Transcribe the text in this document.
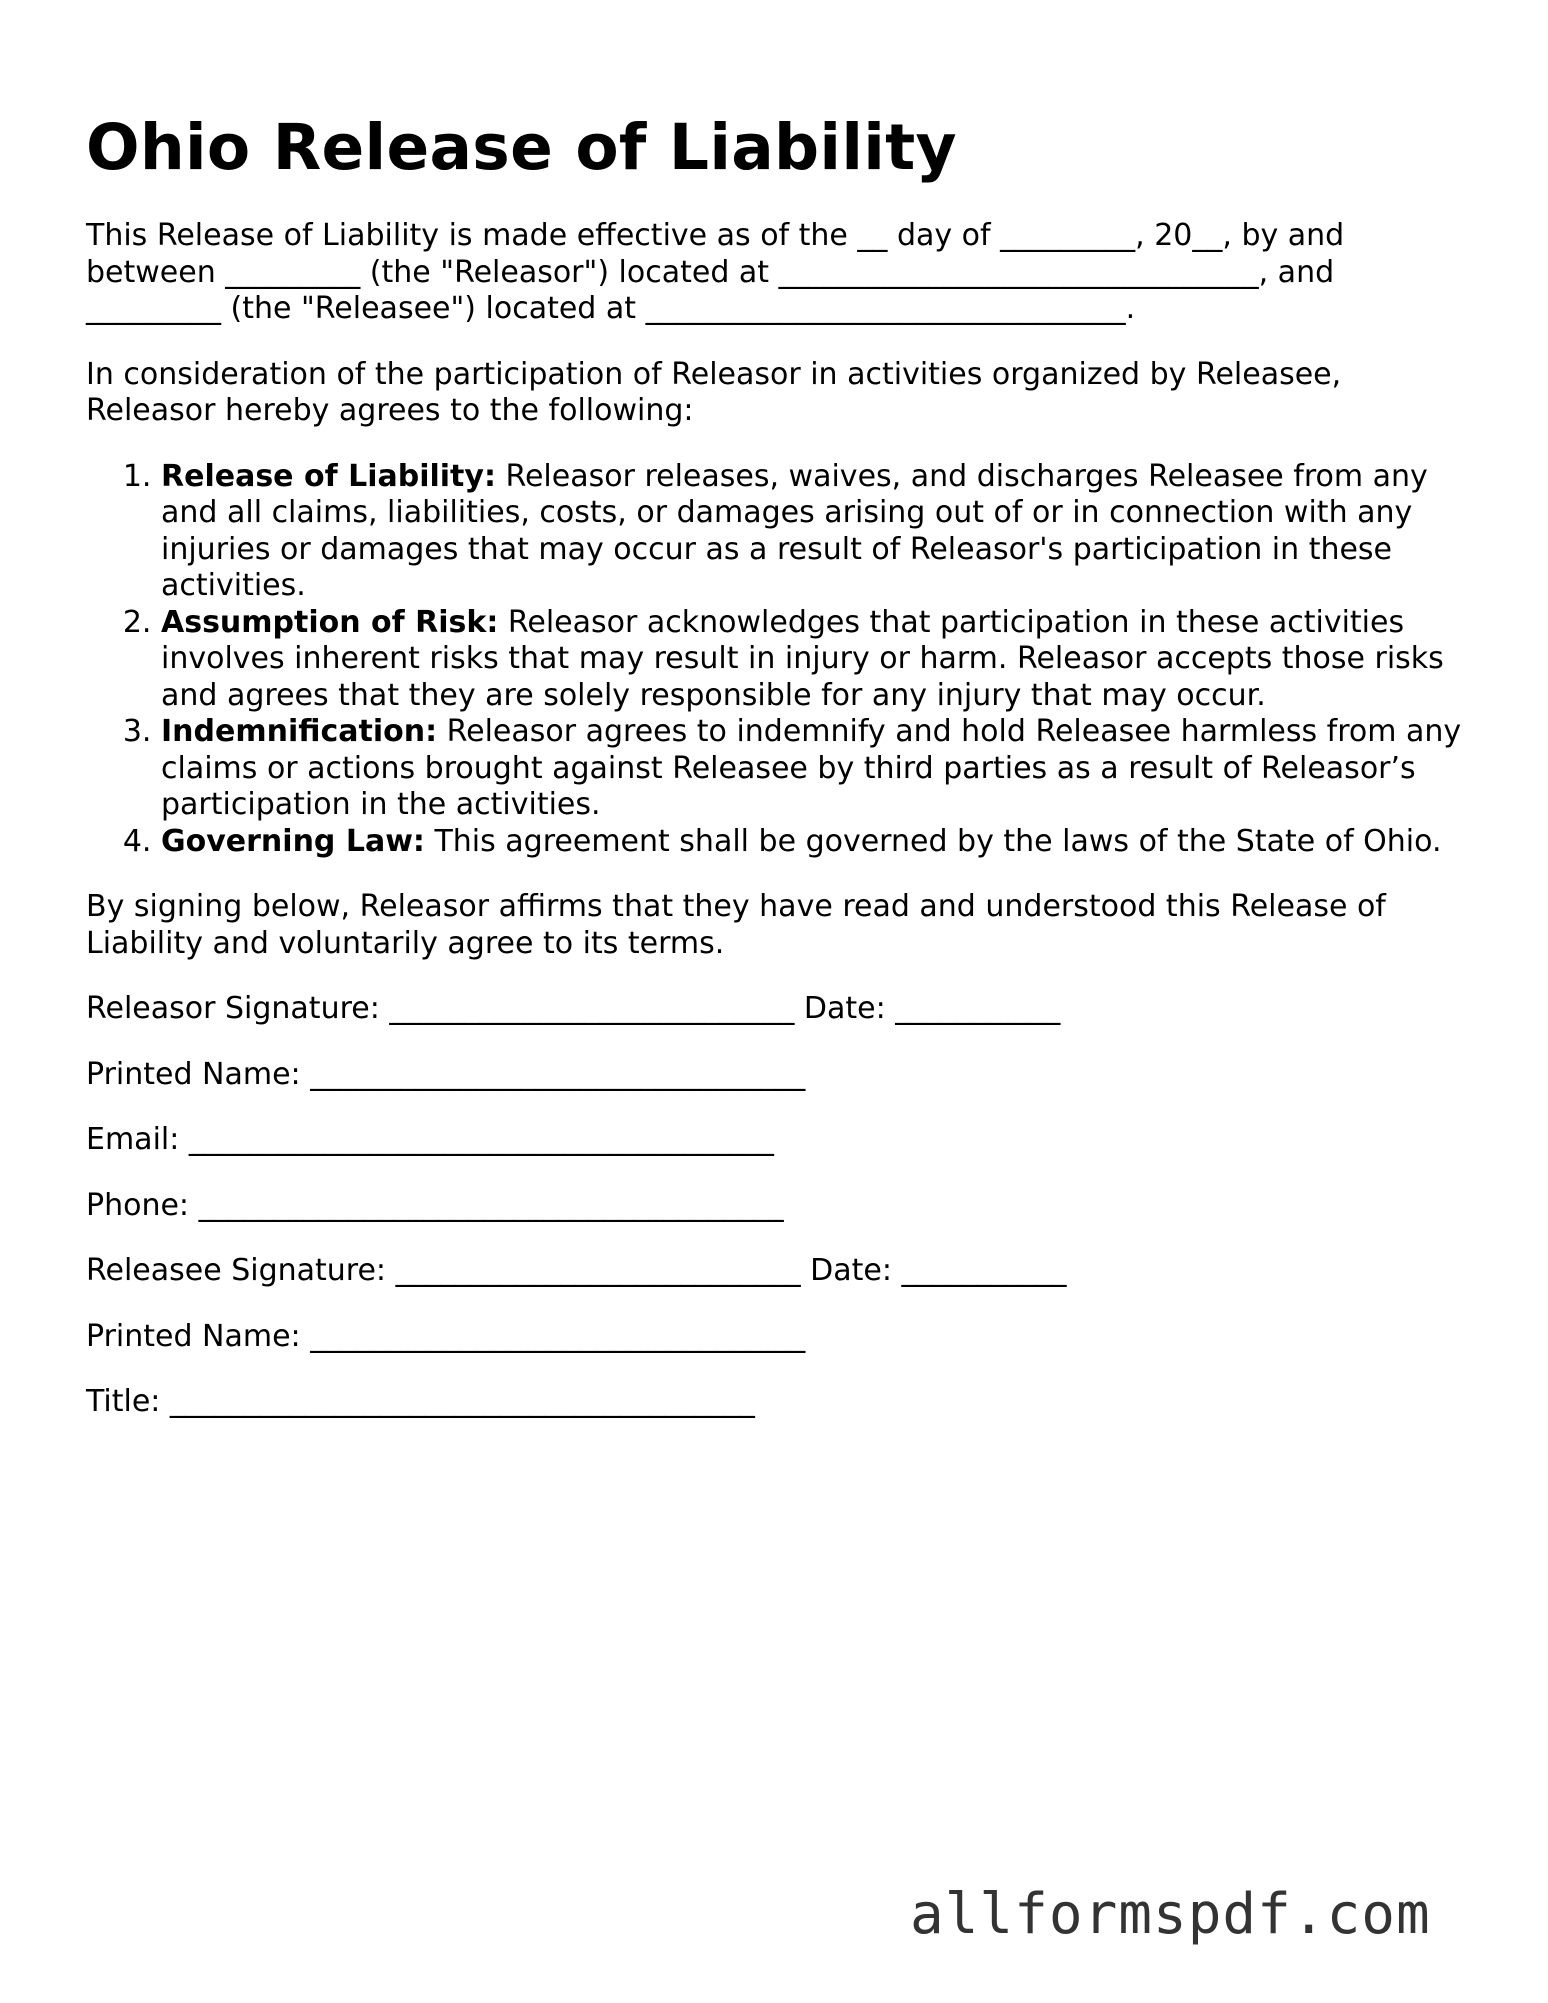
Ohio Release of Liability

This Release of Liability is made effective as of the __ day of _________, 20__, by and between _________ (the "Releasor") located at ________________________________, and _________ (the "Releasee") located at ________________________________.

In consideration of the participation of Releasor in activities organized by Releasee, Releasor hereby agrees to the following:

1. Release of Liability: Releasor releases, waives, and discharges Releasee from any and all claims, liabilities, costs, or damages arising out of or in connection with any injuries or damages that may occur as a result of Releasor's participation in these activities.
2. Assumption of Risk: Releasor acknowledges that participation in these activities involves inherent risks that may result in injury or harm. Releasor accepts those risks and agrees that they are solely responsible for any injury that may occur.
3. Indemnification: Releasor agrees to indemnify and hold Releasee harmless from any claims or actions brought against Releasee by third parties as a result of Releasor’s participation in the activities.
4. Governing Law: This agreement shall be governed by the laws of the State of Ohio.

By signing below, Releasor affirms that they have read and understood this Release of Liability and voluntarily agree to its terms.

Releasor Signature: ___________________________ Date: ___________
Printed Name: _________________________________
Email: _______________________________________
Phone: _______________________________________
Releasee Signature: ___________________________ Date: ___________
Printed Name: _________________________________
Title: _______________________________________
allformspdf.com
